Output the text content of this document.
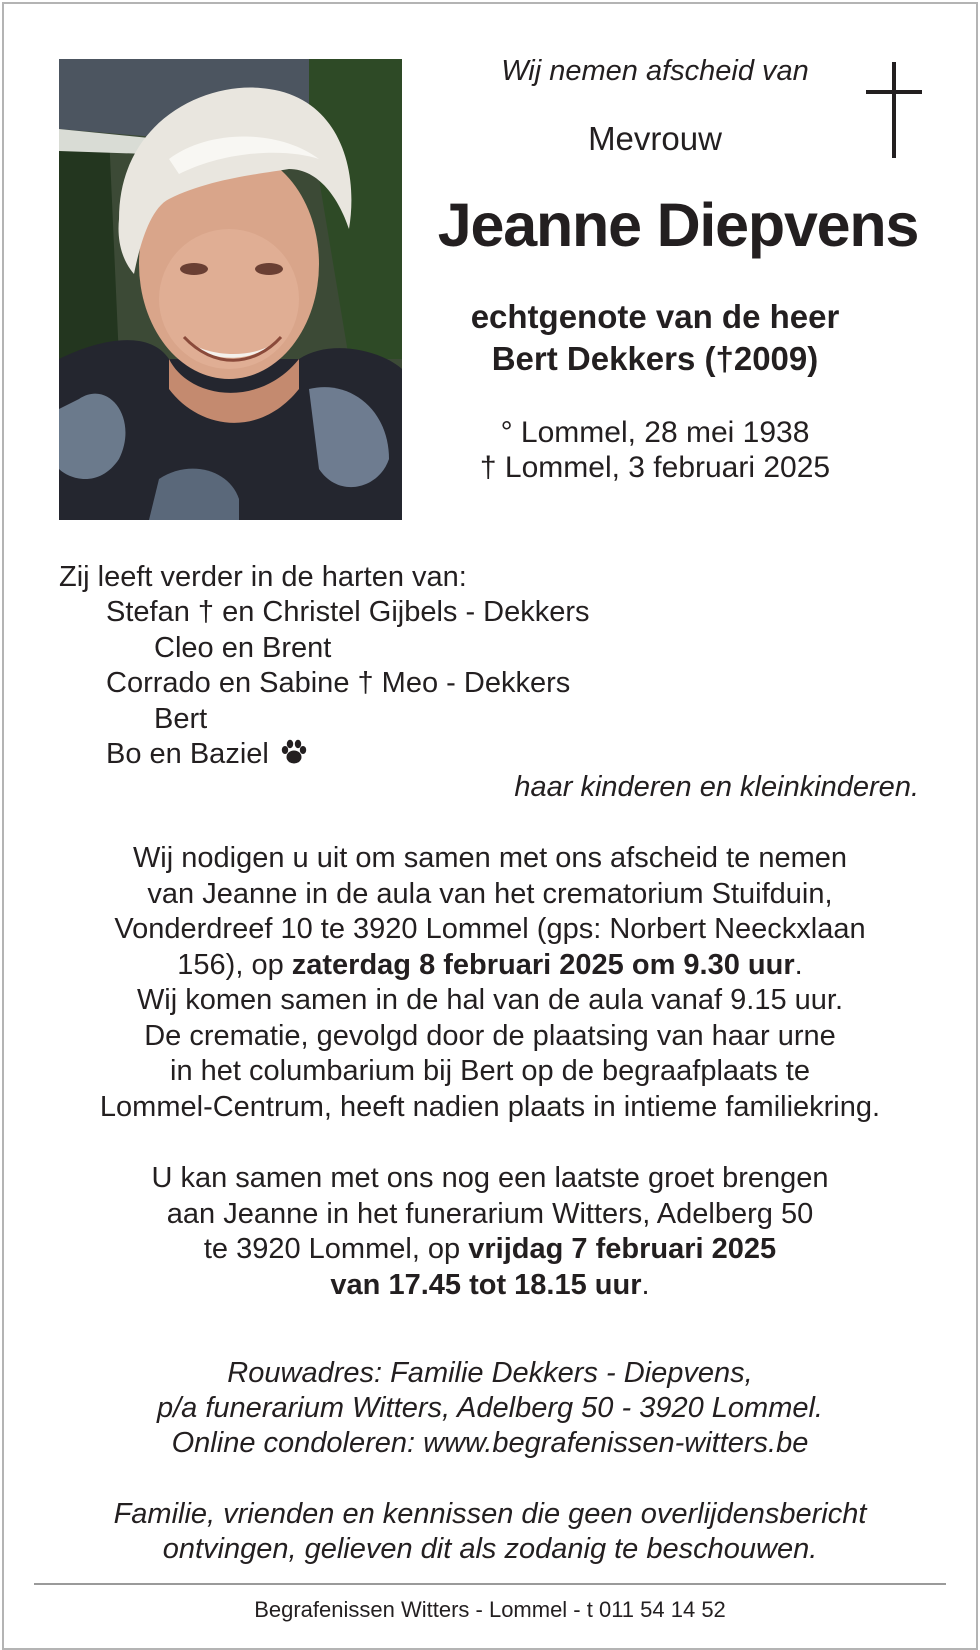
Wij nemen afscheid van
Mevrouw
Jeanne Diepvens
echtgenote van de heer
Bert Dekkers (†2009)
° Lommel, 28 mei 1938
† Lommel, 3 februari 2025
Zij leeft verder in de harten van:
Stefan † en Christel Gijbels - Dekkers
Cleo en Brent
Corrado en Sabine † Meo - Dekkers
Bert
Bo en Baziel
haar kinderen en kleinkinderen.
Wij nodigen u uit om samen met ons afscheid te nemen
van Jeanne in de aula van het crematorium Stuifduin,
Vonderdreef 10 te 3920 Lommel (gps: Norbert Neeckxlaan
156), op zaterdag 8 februari 2025 om 9.30 uur.
Wij komen samen in de hal van de aula vanaf 9.15 uur.
De crematie, gevolgd door de plaatsing van haar urne
in het columbarium bij Bert op de begraafplaats te
Lommel-Centrum, heeft nadien plaats in intieme familiekring.
U kan samen met ons nog een laatste groet brengen
aan Jeanne in het funerarium Witters, Adelberg 50
te 3920 Lommel, op vrijdag 7 februari 2025
van 17.45 tot 18.15 uur.
Rouwadres: Familie Dekkers - Diepvens,
p/a funerarium Witters, Adelberg 50 - 3920 Lommel.
Online condoleren: www.begrafenissen-witters.be
Familie, vrienden en kennissen die geen overlijdensbericht
ontvingen, gelieven dit als zodanig te beschouwen.
Begrafenissen Witters - Lommel - t 011 54 14 52
